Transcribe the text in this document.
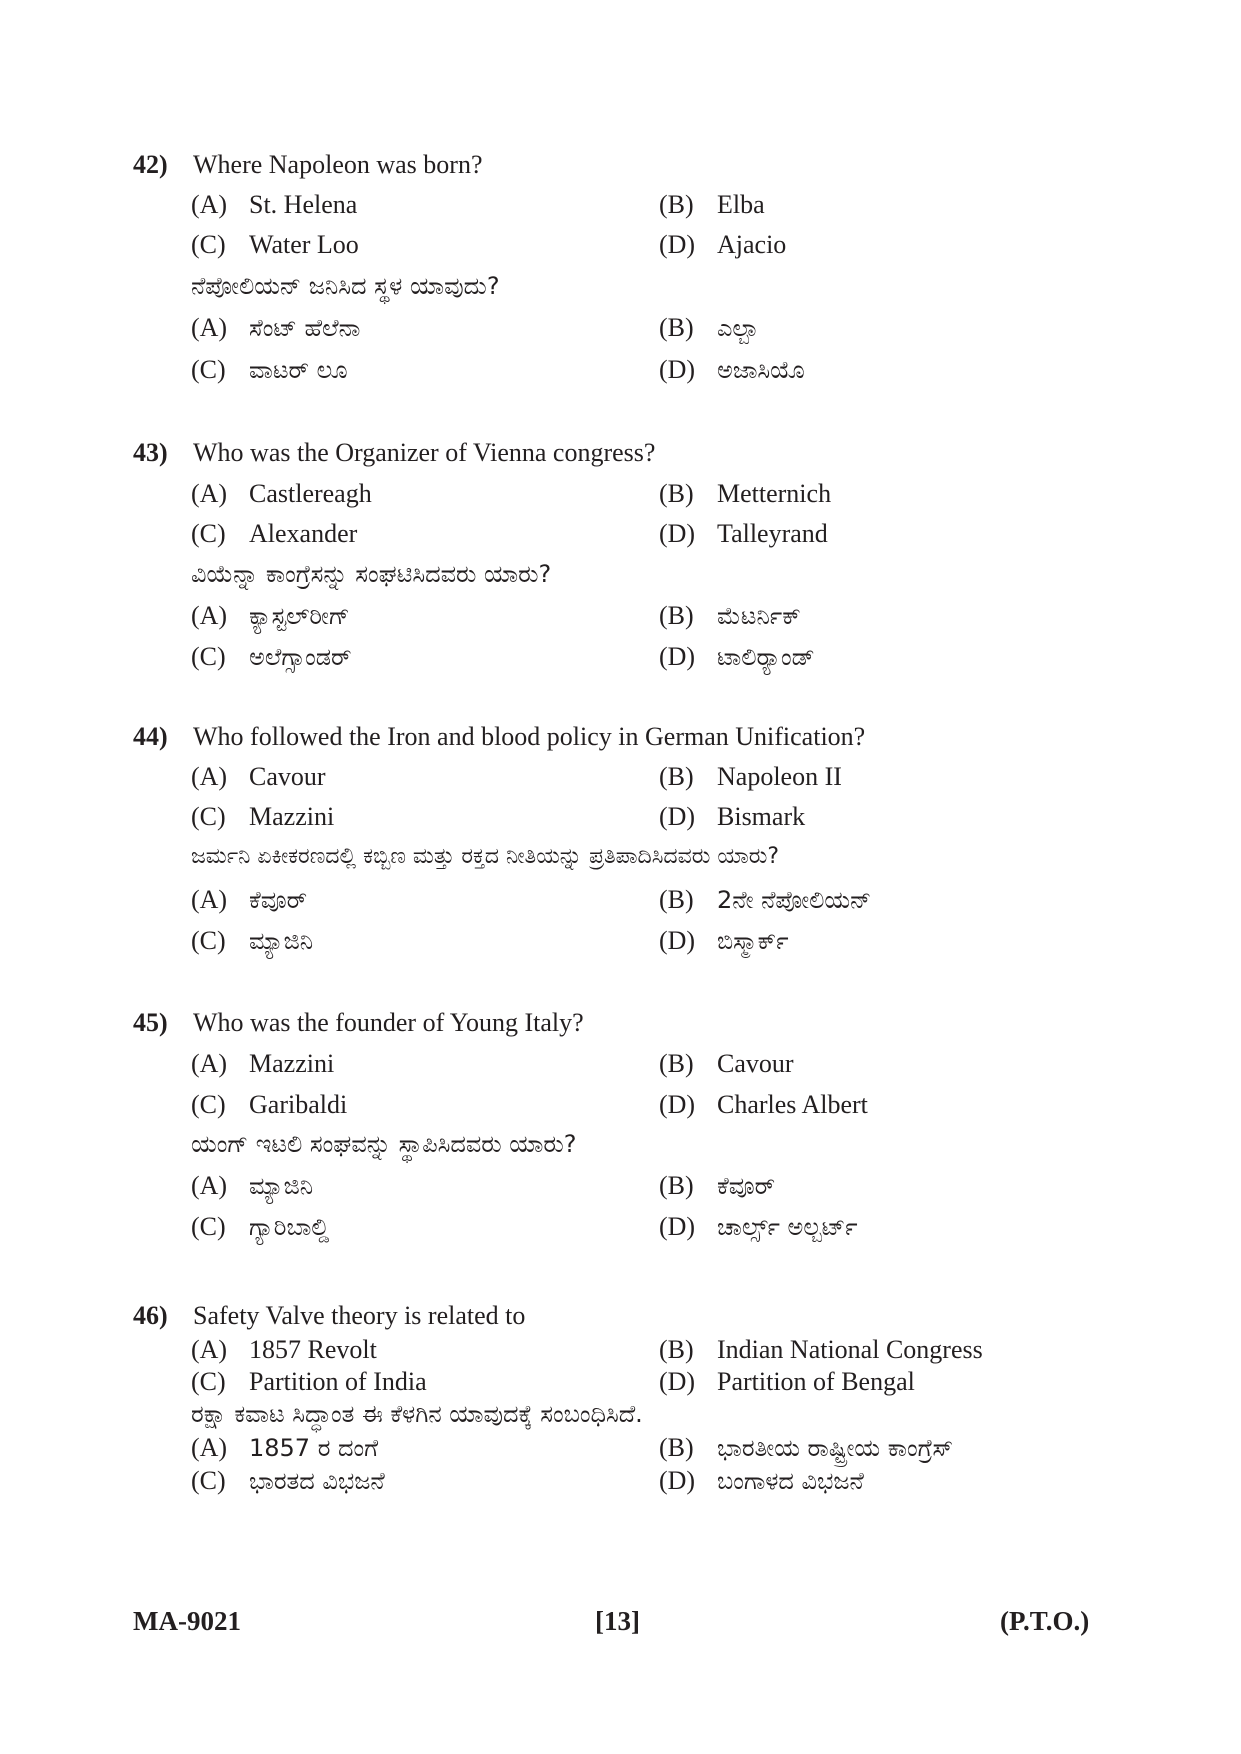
42) Where Napoleon was born?
(A) St. Helena	(B) Elba
(C) Water Loo	(D) Ajacio
ನೆಪೋಲಿಯನ್ ಜನಿಸಿದ ಸ್ಥಳ ಯಾವುದು?
(A) ಸೆಂಟ್ ಹೆಲೆನಾ	(B) ಎಲ್ಬಾ
(C) ವಾಟರ್ ಲೂ	(D) ಅಜಾಸಿಯೊ
43) Who was the Organizer of Vienna congress?
(A) Castlereagh	(B) Metternich
(C) Alexander	(D) Talleyrand
ವಿಯೆನ್ನಾ ಕಾಂಗ್ರೆಸನ್ನು ಸಂಘಟಿಸಿದವರು ಯಾರು?
(A) ಕ್ಯಾಸ್ಟಲ್‌ರೀಗ್	(B) ಮೆಟರ್ನಿಕ್
(C) ಅಲೆಗ್ಸಾಂಡರ್	(D) ಟಾಲಿರ್‍ಯಾಂಡ್
44) Who followed the Iron and blood policy in German Unification?
(A) Cavour	(B) Napoleon II
(C) Mazzini	(D) Bismark
ಜರ್ಮನಿ ಏಕೀಕರಣದಲ್ಲಿ ಕಬ್ಬಿಣ ಮತ್ತು ರಕ್ತದ ನೀತಿಯನ್ನು ಪ್ರತಿಪಾದಿಸಿದವರು ಯಾರು?
(A) ಕೆವೂರ್	(B) 2ನೇ ನೆಪೋಲಿಯನ್
(C) ಮ್ಯಾಜಿನಿ	(D) ಬಿಸ್ಮಾರ್ಕ್
45) Who was the founder of Young Italy?
(A) Mazzini	(B) Cavour
(C) Garibaldi	(D) Charles Albert
ಯಂಗ್ ಇಟಲಿ ಸಂಘವನ್ನು ಸ್ಥಾಪಿಸಿದವರು ಯಾರು?
(A) ಮ್ಯಾಜಿನಿ	(B) ಕೆವೂರ್
(C) ಗ್ಯಾರಿಬಾಲ್ಡಿ	(D) ಚಾರ್ಲ್ಸ್ ಅಲ್ಬರ್ಟ್
46) Safety Valve theory is related to
(A) 1857 Revolt	(B) Indian National Congress
(C) Partition of India	(D) Partition of Bengal
ರಕ್ಷಾ ಕವಾಟ ಸಿದ್ಧಾಂತ ಈ ಕೆಳಗಿನ ಯಾವುದಕ್ಕೆ ಸಂಬಂಧಿಸಿದೆ.
(A) 1857 ರ ದಂಗೆ	(B) ಭಾರತೀಯ ರಾಷ್ಟ್ರೀಯ ಕಾಂಗ್ರೆಸ್
(C) ಭಾರತದ ವಿಭಜನೆ	(D) ಬಂಗಾಳದ ವಿಭಜನೆ
MA-9021	[13]	(P.T.O.)
